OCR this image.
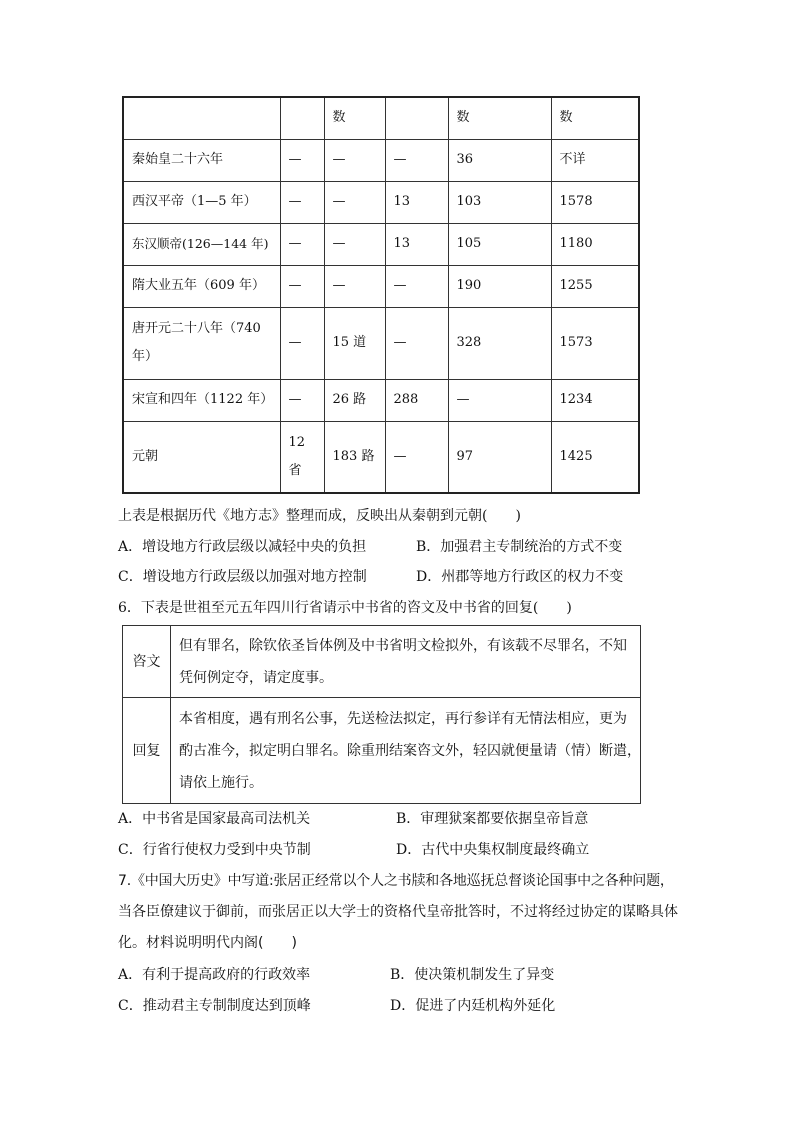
		数		数	数
秦始皇二十六年	—	—	—	36	不详
西汉平帝（1—5 年）	—	—	13	103	1578
东汉顺帝(126—144 年)	—	—	13	105	1180
隋大业五年（609 年）	—	—	—	190	1255
唐开元二十八年（740 年）	—	15 道	—	328	1573
宋宣和四年（1122 年）	—	26 路	288	—	1234
元朝	12 省	183 路	—	97	1425
上表是根据历代《地方志》整理而成，反映出从秦朝到元朝(　　)
A．增设地方行政层级以减轻中央的负担	B．加强君主专制统治的方式不变
C．增设地方行政层级以加强对地方控制	D．州郡等地方行政区的权力不变
6．下表是世祖至元五年四川行省请示中书省的咨文及中书省的回复(　　)
咨文	但有罪名，除钦依圣旨体例及中书省明文检拟外，有该载不尽罪名，不知
凭何例定夺，请定度事。

回复	本省相度，遇有刑名公事，先送检法拟定，再行参详有无情法相应，更为
酌古准今，拟定明白罪名。除重刑结案咨文外，轻囚就便量请（情）断遣，
请依上施行。
A．中书省是国家最高司法机关	B．审理狱案都要依据皇帝旨意
C．行省行使权力受到中央节制	D．古代中央集权制度最终确立
7.《中国大历史》中写道:张居正经常以个人之书牍和各地巡抚总督谈论国事中之各种问题，
当各臣僚建议于御前，而张居正以大学士的资格代皇帝批答时，不过将经过协定的谋略具体
化。材料说明明代内阁(　　)
A．有利于提高政府的行政效率	B．使决策机制发生了异变
C．推动君主专制制度达到顶峰	D．促进了内廷机构外延化
